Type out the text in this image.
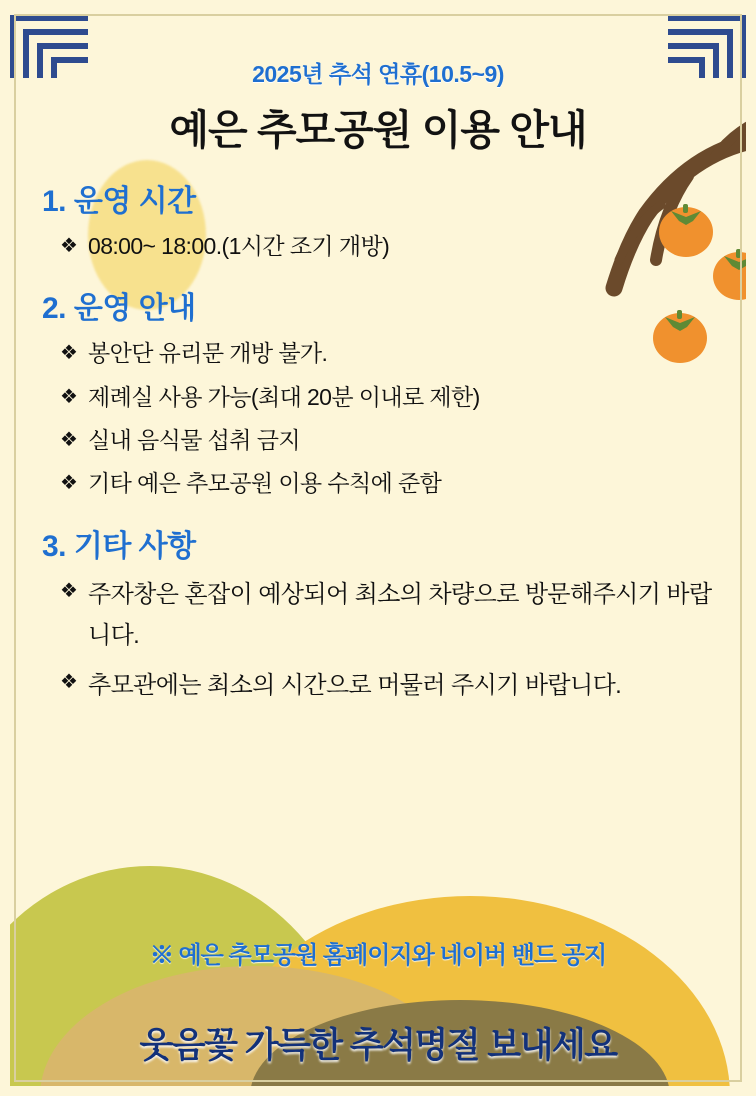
2025년 추석 연휴(10.5~9)
예은 추모공원 이용 안내
1. 운영 시간
❖ 08:00~ 18:00.(1시간 조기 개방)
2. 운영 안내
❖ 봉안단 유리문 개방 불가.
❖ 제례실 사용 가능(최대 20분 이내로 제한)
❖ 실내 음식물 섭취 금지
❖ 기타 예은 추모공원 이용 수칙에 준함
3. 기타 사항
❖ 주자창은 혼잡이 예상되어 최소의 차량으로 방문해주시기 바랍니다.
❖ 추모관에는 최소의 시간으로 머물러 주시기 바랍니다.
※ 예은 추모공원 홈페이지와 네이버 밴드 공지
웃음꽃 가득한 추석명절 보내세요
